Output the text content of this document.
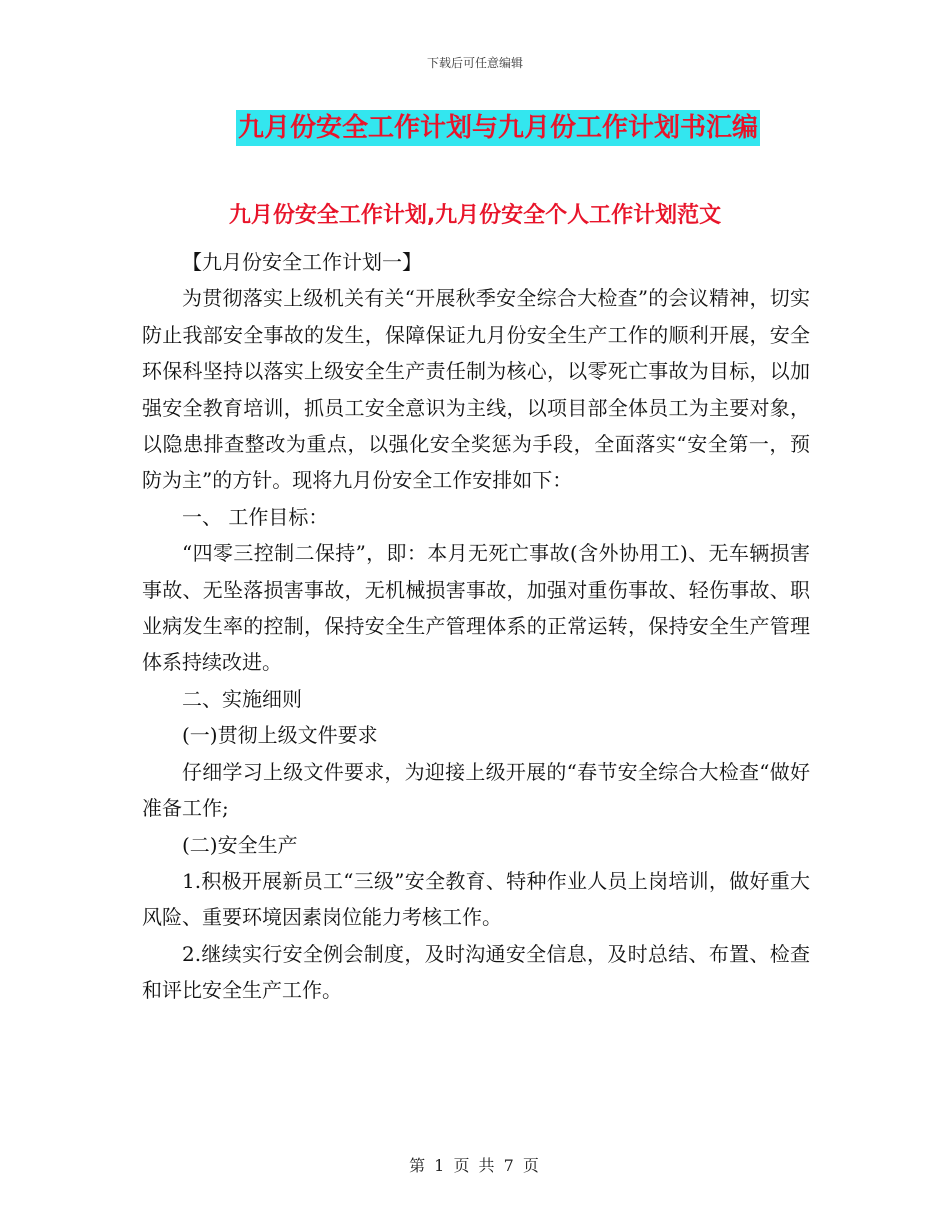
下载后可任意编辑
九月份安全工作计划与九月份工作计划书汇编
九月份安全工作计划,九月份安全个人工作计划范文

【九月份安全工作计划一】

为贯彻落实上级机关有关“开展秋季安全综合大检查”的会议精神，切实防止我部安全事故的发生，保障保证九月份安全生产工作的顺利开展，安全环保科坚持以落实上级安全生产责任制为核心，以零死亡事故为目标，以加强安全教育培训，抓员工安全意识为主线，以项目部全体员工为主要对象，以隐患排查整改为重点，以强化安全奖惩为手段，全面落实“安全第一，预防为主”的方针。现将九月份安全工作安排如下：

一、 工作目标：

“四零三控制二保持”，即：本月无死亡事故(含外协用工)、无车辆损害事故、无坠落损害事故，无机械损害事故，加强对重伤事故、轻伤事故、职业病发生率的控制，保持安全生产管理体系的正常运转，保持安全生产管理体系持续改进。

二、实施细则

(一)贯彻上级文件要求

仔细学习上级文件要求，为迎接上级开展的“春节安全综合大检查“做好准备工作;

(二)安全生产

1.积极开展新员工“三级”安全教育、特种作业人员上岗培训，做好重大风险、重要环境因素岗位能力考核工作。

2.继续实行安全例会制度，及时沟通安全信息，及时总结、布置、检查和评比安全生产工作。

第 1 页 共 7 页
